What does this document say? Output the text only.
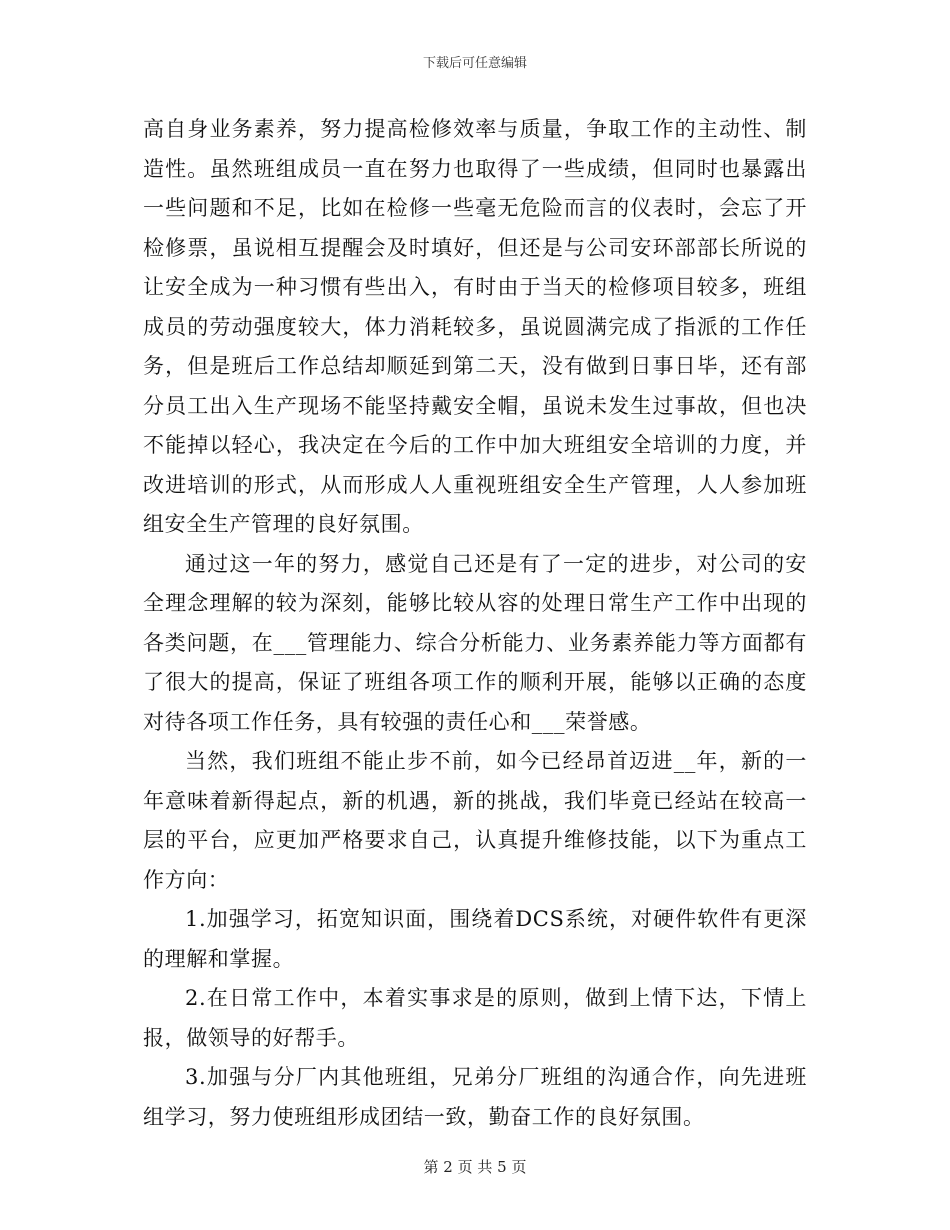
下载后可任意编辑

高自身业务素养，努力提高检修效率与质量，争取工作的主动性、制造性。虽然班组成员一直在努力也取得了一些成绩，但同时也暴露出一些问题和不足，比如在检修一些毫无危险而言的仪表时，会忘了开检修票，虽说相互提醒会及时填好，但还是与公司安环部部长所说的让安全成为一种习惯有些出入，有时由于当天的检修项目较多，班组成员的劳动强度较大，体力消耗较多，虽说圆满完成了指派的工作任务，但是班后工作总结却顺延到第二天，没有做到日事日毕，还有部分员工出入生产现场不能坚持戴安全帽，虽说未发生过事故，但也决不能掉以轻心，我决定在今后的工作中加大班组安全培训的力度，并改进培训的形式，从而形成人人重视班组安全生产管理，人人参加班组安全生产管理的良好氛围。

通过这一年的努力，感觉自己还是有了一定的进步，对公司的安全理念理解的较为深刻，能够比较从容的处理日常生产工作中出现的各类问题，在___管理能力、综合分析能力、业务素养能力等方面都有了很大的提高，保证了班组各项工作的顺利开展，能够以正确的态度对待各项工作任务，具有较强的责任心和___荣誉感。

当然，我们班组不能止步不前，如今已经昂首迈进__年，新的一年意味着新得起点，新的机遇，新的挑战，我们毕竟已经站在较高一层的平台，应更加严格要求自己，认真提升维修技能，以下为重点工作方向：

1.加强学习，拓宽知识面，围绕着DCS系统，对硬件软件有更深的理解和掌握。

2.在日常工作中，本着实事求是的原则，做到上情下达，下情上报，做领导的好帮手。

3.加强与分厂内其他班组，兄弟分厂班组的沟通合作，向先进班组学习，努力使班组形成团结一致，勤奋工作的良好氛围。

第 2 页 共 5 页
